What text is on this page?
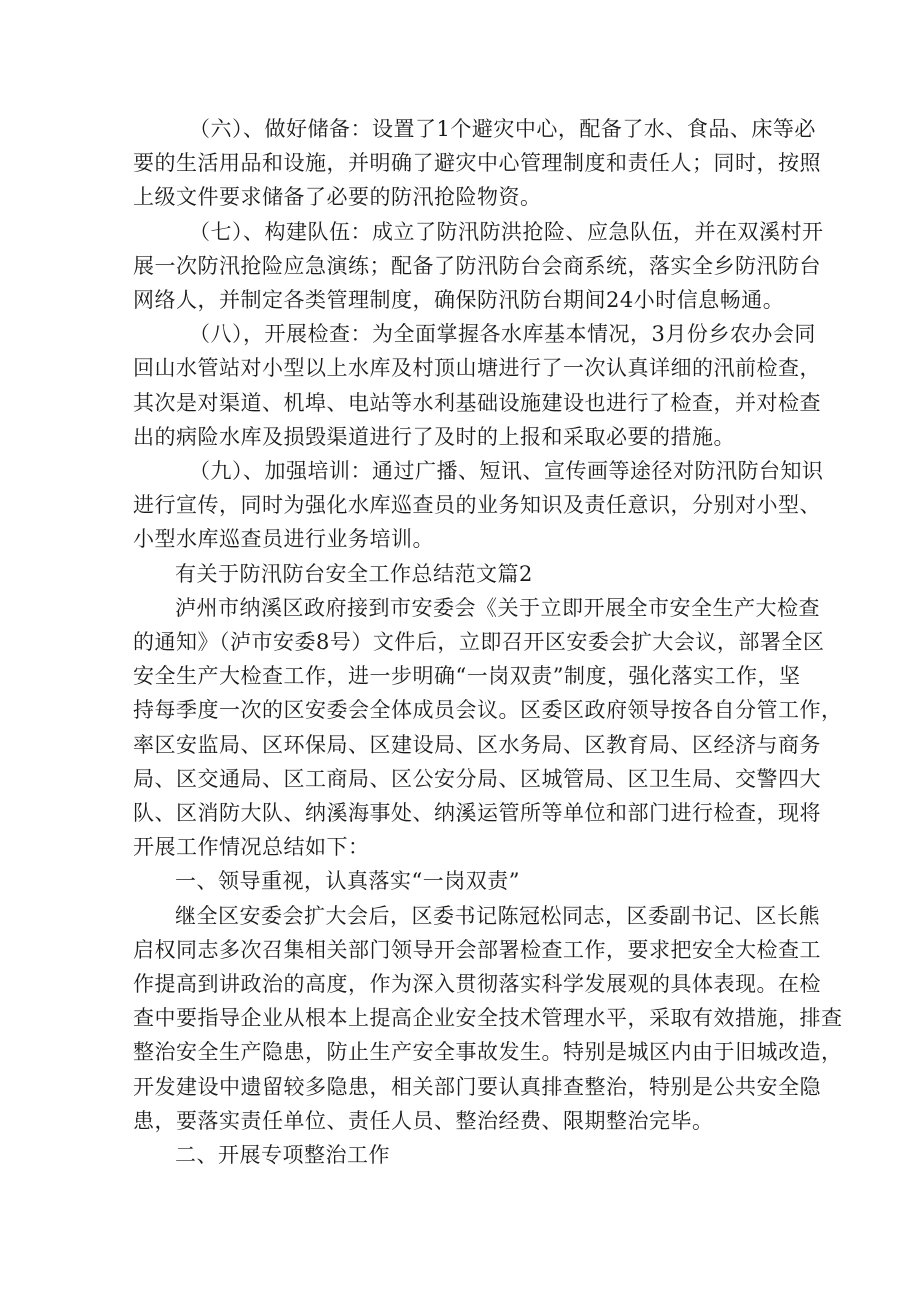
（六）、做好储备：设置了1个避灾中心，配备了水、食品、床等必
要的生活用品和设施，并明确了避灾中心管理制度和责任人；同时，按照
上级文件要求储备了必要的防汛抢险物资。
（七）、构建队伍：成立了防汛防洪抢险、应急队伍，并在双溪村开
展一次防汛抢险应急演练；配备了防汛防台会商系统，落实全乡防汛防台
网络人，并制定各类管理制度，确保防汛防台期间24小时信息畅通。
（八），开展检查：为全面掌握各水库基本情况，3月份乡农办会同
回山水管站对小型以上水库及村顶山塘进行了一次认真详细的汛前检查，
其次是对渠道、机埠、电站等水利基础设施建设也进行了检查，并对检查
出的病险水库及损毁渠道进行了及时的上报和采取必要的措施。
（九）、加强培训：通过广播、短讯、宣传画等途径对防汛防台知识
进行宣传，同时为强化水库巡查员的业务知识及责任意识，分别对小型、
小型水库巡查员进行业务培训。
有关于防汛防台安全工作总结范文篇2
泸州市纳溪区政府接到市安委会《关于立即开展全市安全生产大检查
的通知》（泸市安委8号）文件后，立即召开区安委会扩大会议，部署全区
安全生产大检查工作，进一步明确“一岗双责”制度，强化落实工作，坚
持每季度一次的区安委会全体成员会议。区委区政府领导按各自分管工作，
率区安监局、区环保局、区建设局、区水务局、区教育局、区经济与商务
局、区交通局、区工商局、区公安分局、区城管局、区卫生局、交警四大
队、区消防大队、纳溪海事处、纳溪运管所等单位和部门进行检查，现将
开展工作情况总结如下：
一、领导重视，认真落实“一岗双责”
继全区安委会扩大会后，区委书记陈冠松同志，区委副书记、区长熊
启权同志多次召集相关部门领导开会部署检查工作，要求把安全大检查工
作提高到讲政治的高度，作为深入贯彻落实科学发展观的具体表现。在检
查中要指导企业从根本上提高企业安全技术管理水平，采取有效措施，排查
整治安全生产隐患，防止生产安全事故发生。特别是城区内由于旧城改造，
开发建设中遗留较多隐患，相关部门要认真排查整治，特别是公共安全隐
患，要落实责任单位、责任人员、整治经费、限期整治完毕。
二、开展专项整治工作
